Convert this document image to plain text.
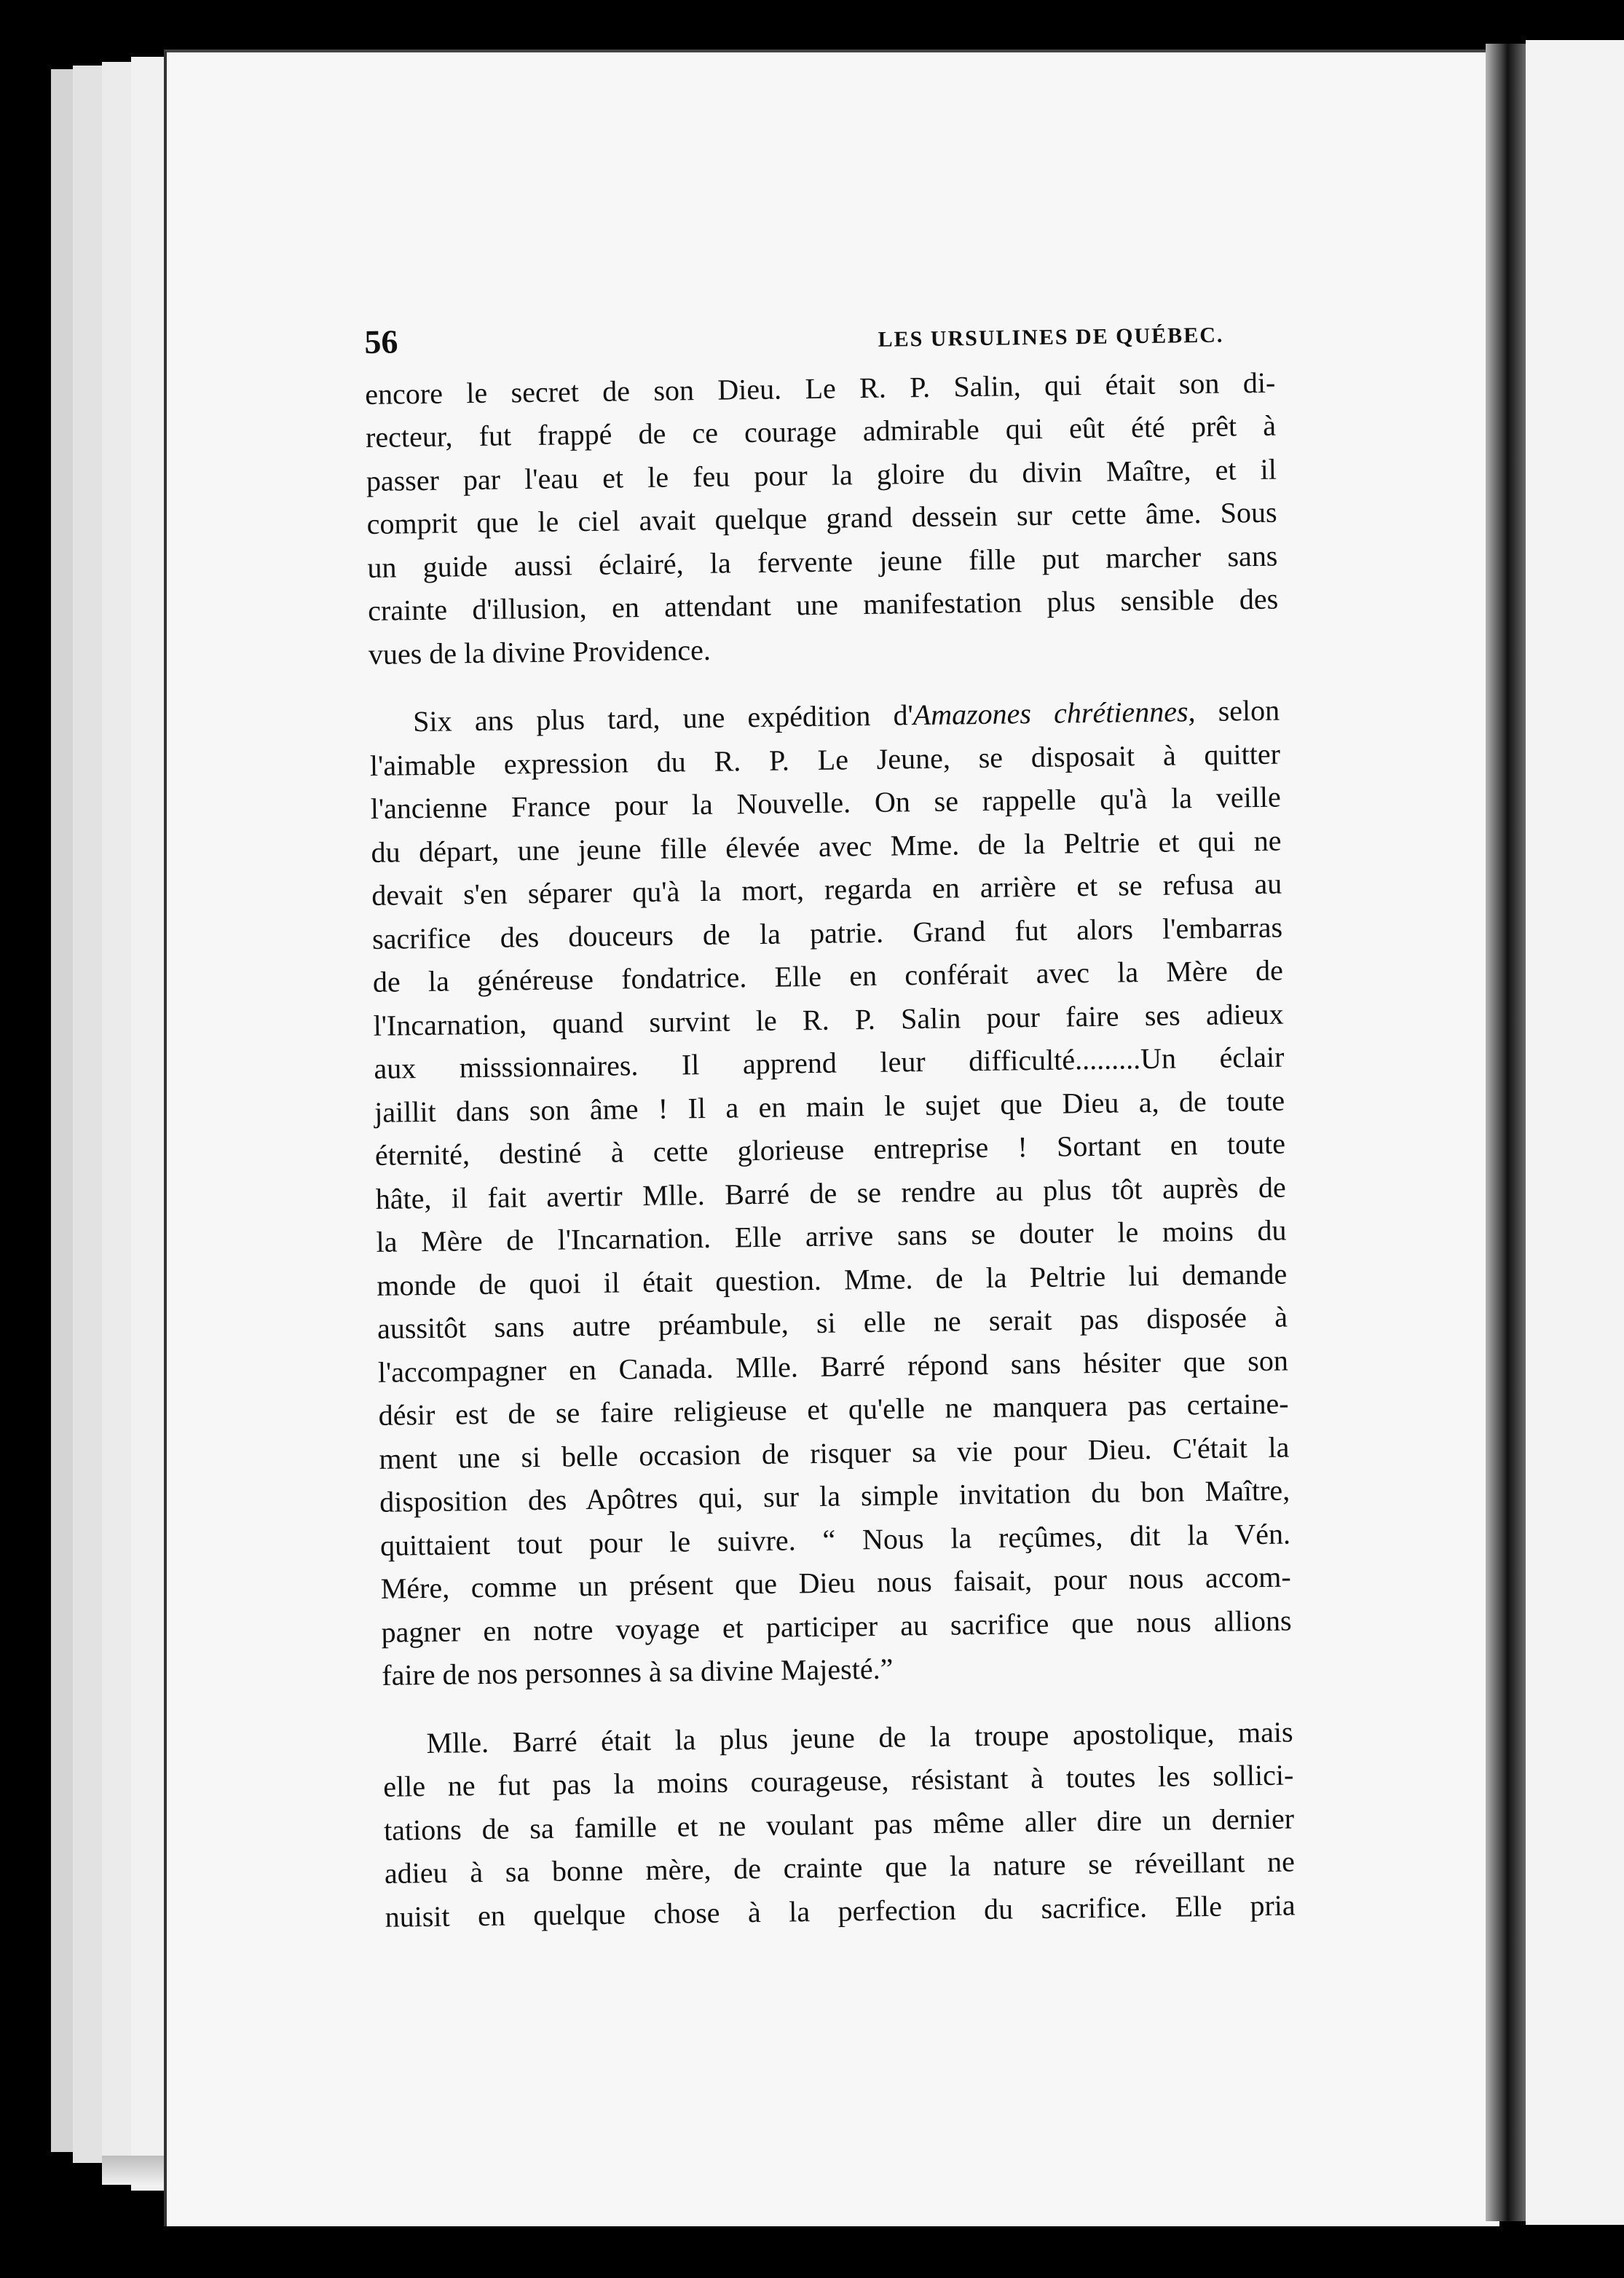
56	LES URSULINES DE QUÉBEC.
encore le secret de son Dieu. Le R. P. Salin, qui était son di-
recteur, fut frappé de ce courage admirable qui eût été prêt à
passer par l'eau et le feu pour la gloire du divin Maître, et il
comprit que le ciel avait quelque grand dessein sur cette âme. Sous
un guide aussi éclairé, la fervente jeune fille put marcher sans
crainte d'illusion, en attendant une manifestation plus sensible des
vues de la divine Providence.
Six ans plus tard, une expédition d'Amazones chrétiennes, selon
l'aimable expression du R. P. Le Jeune, se disposait à quitter
l'ancienne France pour la Nouvelle. On se rappelle qu'à la veille
du départ, une jeune fille élevée avec Mme. de la Peltrie et qui ne
devait s'en séparer qu'à la mort, regarda en arrière et se refusa au
sacrifice des douceurs de la patrie. Grand fut alors l'embarras
de la généreuse fondatrice. Elle en conférait avec la Mère de
l'Incarnation, quand survint le R. P. Salin pour faire ses adieux
aux misssionnaires. Il apprend leur difficulté.........Un éclair
jaillit dans son âme ! Il a en main le sujet que Dieu a, de toute
éternité, destiné à cette glorieuse entreprise ! Sortant en toute
hâte, il fait avertir Mlle. Barré de se rendre au plus tôt auprès de
la Mère de l'Incarnation. Elle arrive sans se douter le moins du
monde de quoi il était question. Mme. de la Peltrie lui demande
aussitôt sans autre préambule, si elle ne serait pas disposée à
l'accompagner en Canada. Mlle. Barré répond sans hésiter que son
désir est de se faire religieuse et qu'elle ne manquera pas certaine-
ment une si belle occasion de risquer sa vie pour Dieu. C'était la
disposition des Apôtres qui, sur la simple invitation du bon Maître,
quittaient tout pour le suivre. “ Nous la reçûmes, dit la Vén.
Mére, comme un présent que Dieu nous faisait, pour nous accom-
pagner en notre voyage et participer au sacrifice que nous allions
faire de nos personnes à sa divine Majesté.”
Mlle. Barré était la plus jeune de la troupe apostolique, mais
elle ne fut pas la moins courageuse, résistant à toutes les sollici-
tations de sa famille et ne voulant pas même aller dire un dernier
adieu à sa bonne mère, de crainte que la nature se réveillant ne
nuisit en quelque chose à la perfection du sacrifice. Elle pria
